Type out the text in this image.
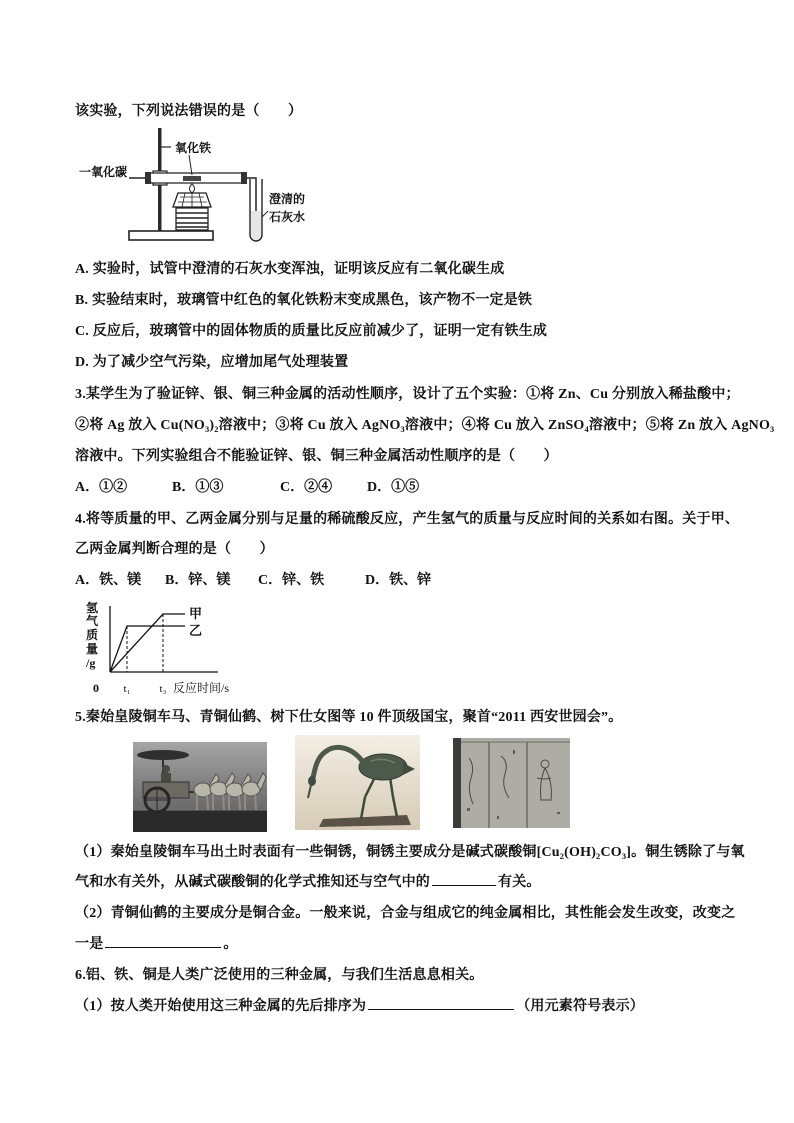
该实验，下列说法错误的是（　　）
一氧化碳
氧化铁
澄清的
石灰水
A. 实验时，试管中澄清的石灰水变浑浊，证明该反应有二氧化碳生成
B. 实验结束时，玻璃管中红色的氧化铁粉末变成黑色，该产物不一定是铁
C. 反应后，玻璃管中的固体物质的质量比反应前减少了，证明一定有铁生成
D. 为了减少空气污染，应增加尾气处理装置
3.某学生为了验证锌、银、铜三种金属的活动性顺序，设计了五个实验：①将 Zn、Cu 分别放入稀盐酸中；
②将 Ag 放入 Cu(NO₃)₂溶液中；③将 Cu 放入 AgNO₃溶液中；④将 Cu 放入 ZnSO₄溶液中；⑤将 Zn 放入 AgNO₃
溶液中。下列实验组合不能验证锌、银、铜三种金属活动性顺序的是（　　）
A．①②	B．①③	C．②④ D．①⑤
4.将等质量的甲、乙两金属分别与足量的稀硫酸反应，产生氢气的质量与反应时间的关系如右图。关于甲、
乙两金属判断合理的是（　　）
A．铁、镁 B．锌、镁 C．锌、铁	D．铁、锌
氢
气
质
量
/g
甲
乙
0 t₁	t₃ 反应时间/s
5.秦始皇陵铜车马、青铜仙鹤、树下仕女图等 10 件顶级国宝，聚首“2011 西安世园会”。
（1）秦始皇陵铜车马出土时表面有一些铜锈，铜锈主要成分是碱式碳酸铜[Cu₂(OH)₂CO₃]。铜生锈除了与氧
气和水有关外，从碱式碳酸铜的化学式推知还与空气中的	有关。
（2）青铜仙鹤的主要成分是铜合金。一般来说，合金与组成它的纯金属相比，其性能会发生改变，改变之
一是	。
6.铝、铁、铜是人类广泛使用的三种金属，与我们生活息息相关。
（1）按人类开始使用这三种金属的先后排序为	（用元素符号表示）
